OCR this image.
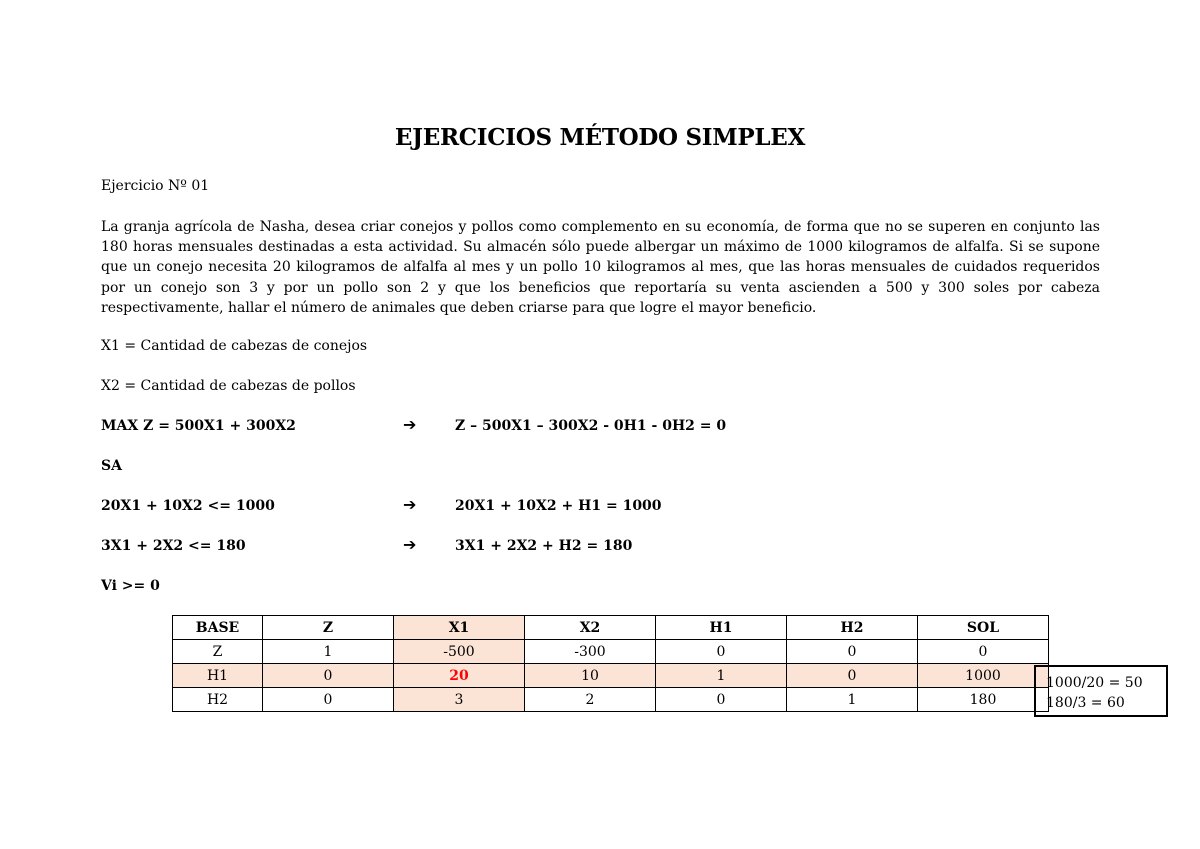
EJERCICIOS MÉTODO SIMPLEX
Ejercicio Nº 01
La granja agrícola de Nasha, desea criar conejos y pollos como complemento en su economía, de forma que no se superen en conjunto las 180 horas mensuales destinadas a esta actividad. Su almacén sólo puede albergar un máximo de 1000 kilogramos de alfalfa. Si se supone que un conejo necesita 20 kilogramos de alfalfa al mes y un pollo 10 kilogramos al mes, que las horas mensuales de cuidados requeridos por un conejo son 3 y por un pollo son 2 y que los beneficios que reportaría su venta ascienden a 500 y 300 soles por cabeza respectivamente, hallar el número de animales que deben criarse para que logre el mayor beneficio.
X1 = Cantidad de cabezas de conejos
X2 = Cantidad de cabezas de pollos
MAX Z = 500X1 + 300X2	➔	Z – 500X1 – 300X2 - 0H1 - 0H2 = 0
SA
20X1 + 10X2 <= 1000	➔	20X1 + 10X2 + H1 = 1000
3X1 + 2X2 <= 180	➔	3X1 + 2X2 + H2 = 180
Vi >= 0
BASE	Z	X1	X2	H1	H2	SOL
Z	1	-500	-300	0	0	0
H1	0	20	10	1	0	1000
H2	0	3	2	0	1	180
1000/20 = 50
180/3 = 60
